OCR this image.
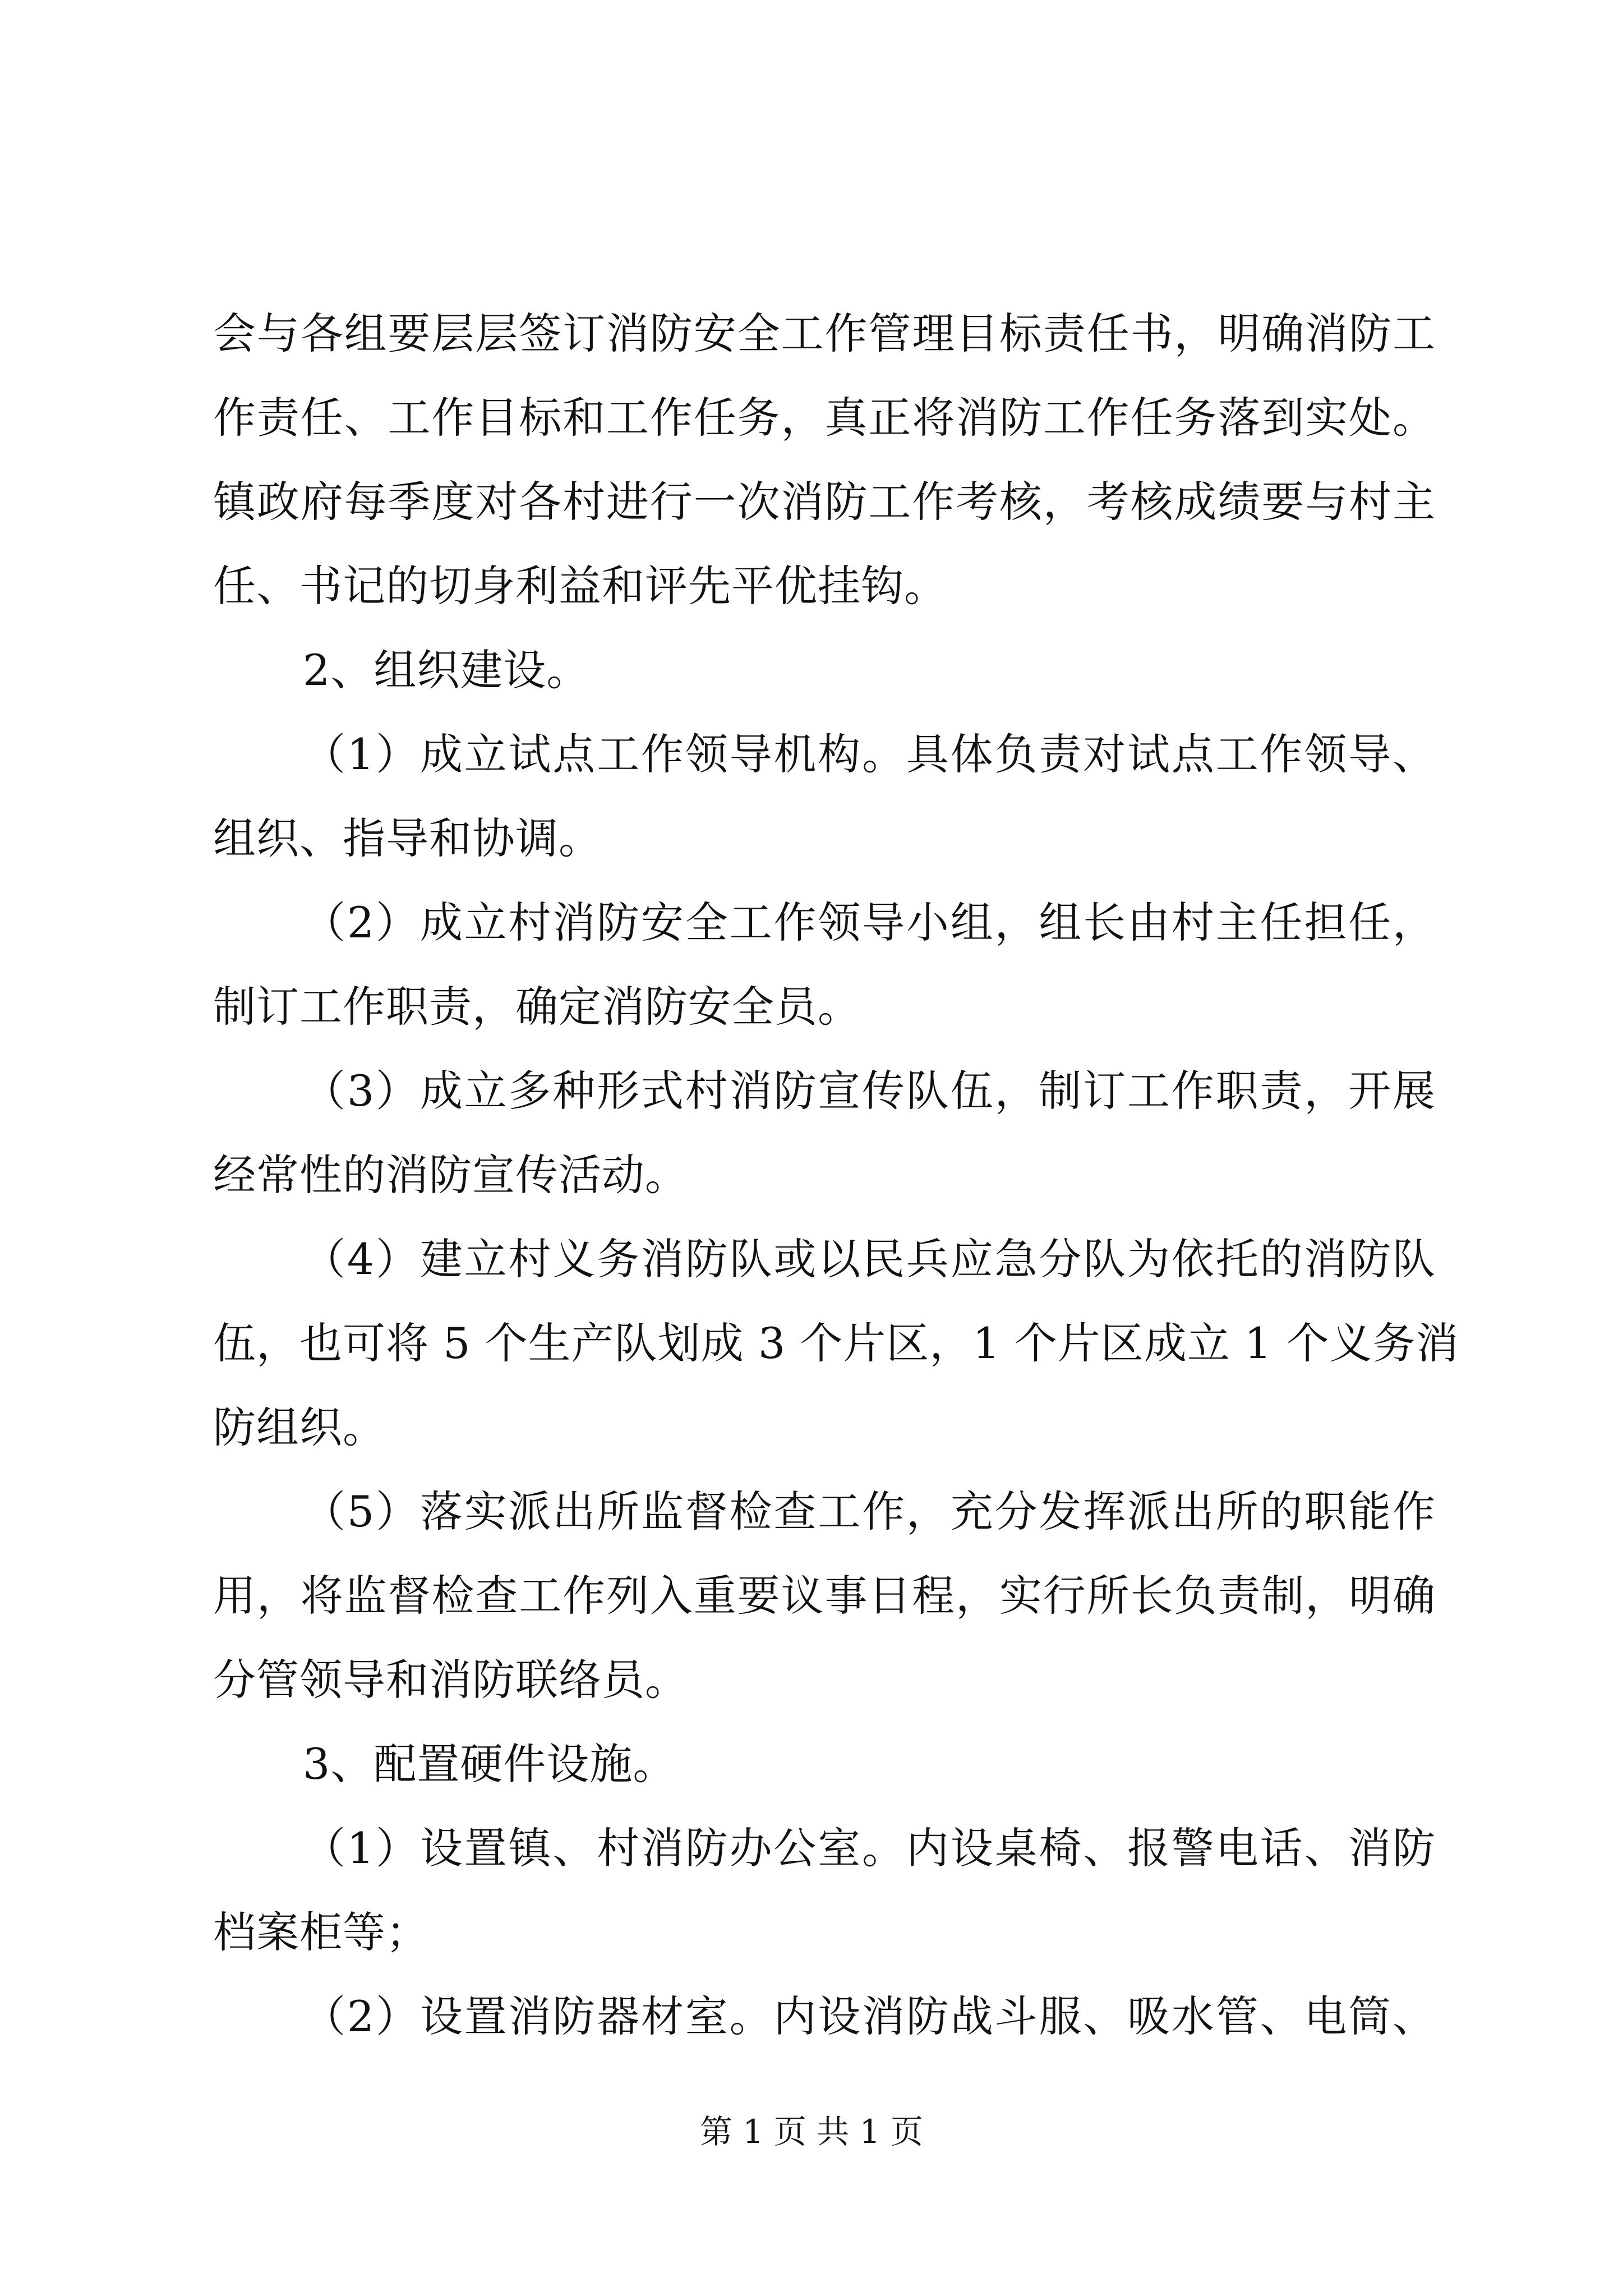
会与各组要层层签订消防安全工作管理目标责任书，明确消防工
作责任、工作目标和工作任务，真正将消防工作任务落到实处。
镇政府每季度对各村进行一次消防工作考核，考核成绩要与村主
任、书记的切身利益和评先平优挂钩。
2、组织建设。
（1）成立试点工作领导机构。具体负责对试点工作领导、
组织、指导和协调。
（2）成立村消防安全工作领导小组，组长由村主任担任，
制订工作职责，确定消防安全员。
（3）成立多种形式村消防宣传队伍，制订工作职责，开展
经常性的消防宣传活动。
（4）建立村义务消防队或以民兵应急分队为依托的消防队
伍，也可将 5 个生产队划成 3 个片区，1 个片区成立 1 个义务消
防组织。
（5）落实派出所监督检查工作，充分发挥派出所的职能作
用，将监督检查工作列入重要议事日程，实行所长负责制，明确
分管领导和消防联络员。
3、配置硬件设施。
（1）设置镇、村消防办公室。内设桌椅、报警电话、消防
档案柜等；
（2）设置消防器材室。内设消防战斗服、吸水管、电筒、
第 1 页 共 1 页
